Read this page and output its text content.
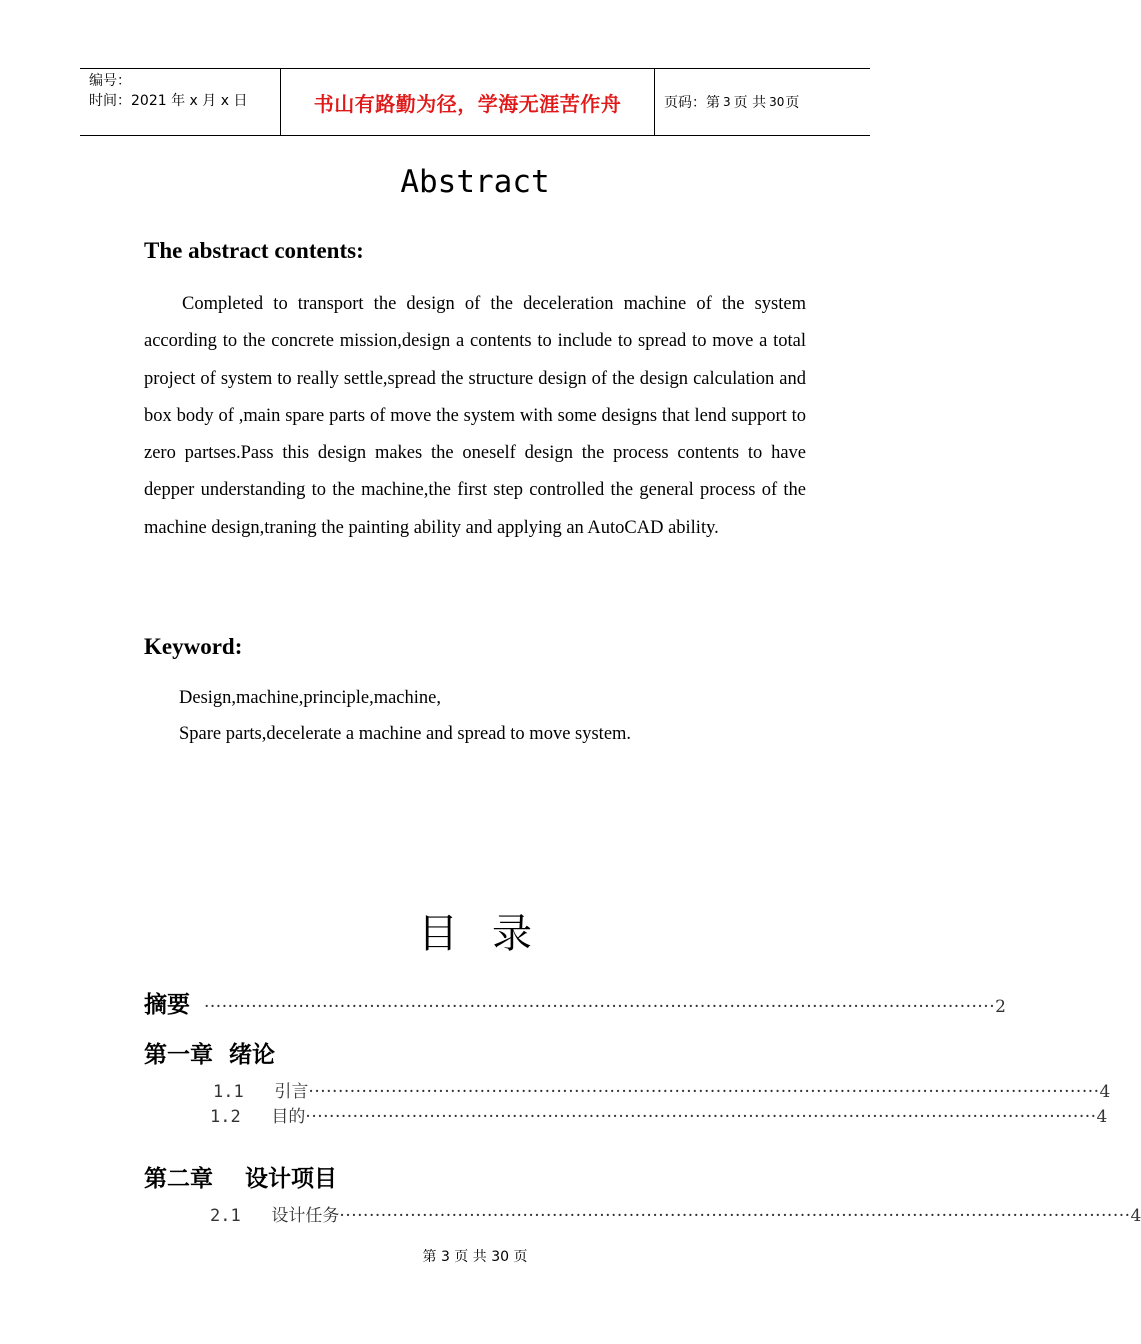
编号：
时间：2021 年 x 月 x 日	书山有路勤为径，学海无涯苦作舟	页码：第 3 页 共 30 页
Abstract
The abstract contents:
Completed to transport the design of the deceleration machine of the system according to the concrete mission,design a contents to include to spread to move a total project of system to really settle,spread the structure design of the design calculation and box body of ,main spare parts of move the system with some designs that lend support to zero partses.Pass this design makes the oneself design the process contents to have depper understanding to the machine,the first step controlled the general process of the machine design,traning the painting ability and applying an AutoCAD ability.
Keyword:
Design,machine,principle,machine,
Spare parts,decelerate a machine and spread to move system.
目录
摘要 ······································································································································ 2
第一章  绪论
1.1   引言 ······································································································································ 4
1.2   目的 ······································································································································ 4
第二章    设计项目
2.1   设计任务 ······································································································································ 4
第 3 页 共 30 页
